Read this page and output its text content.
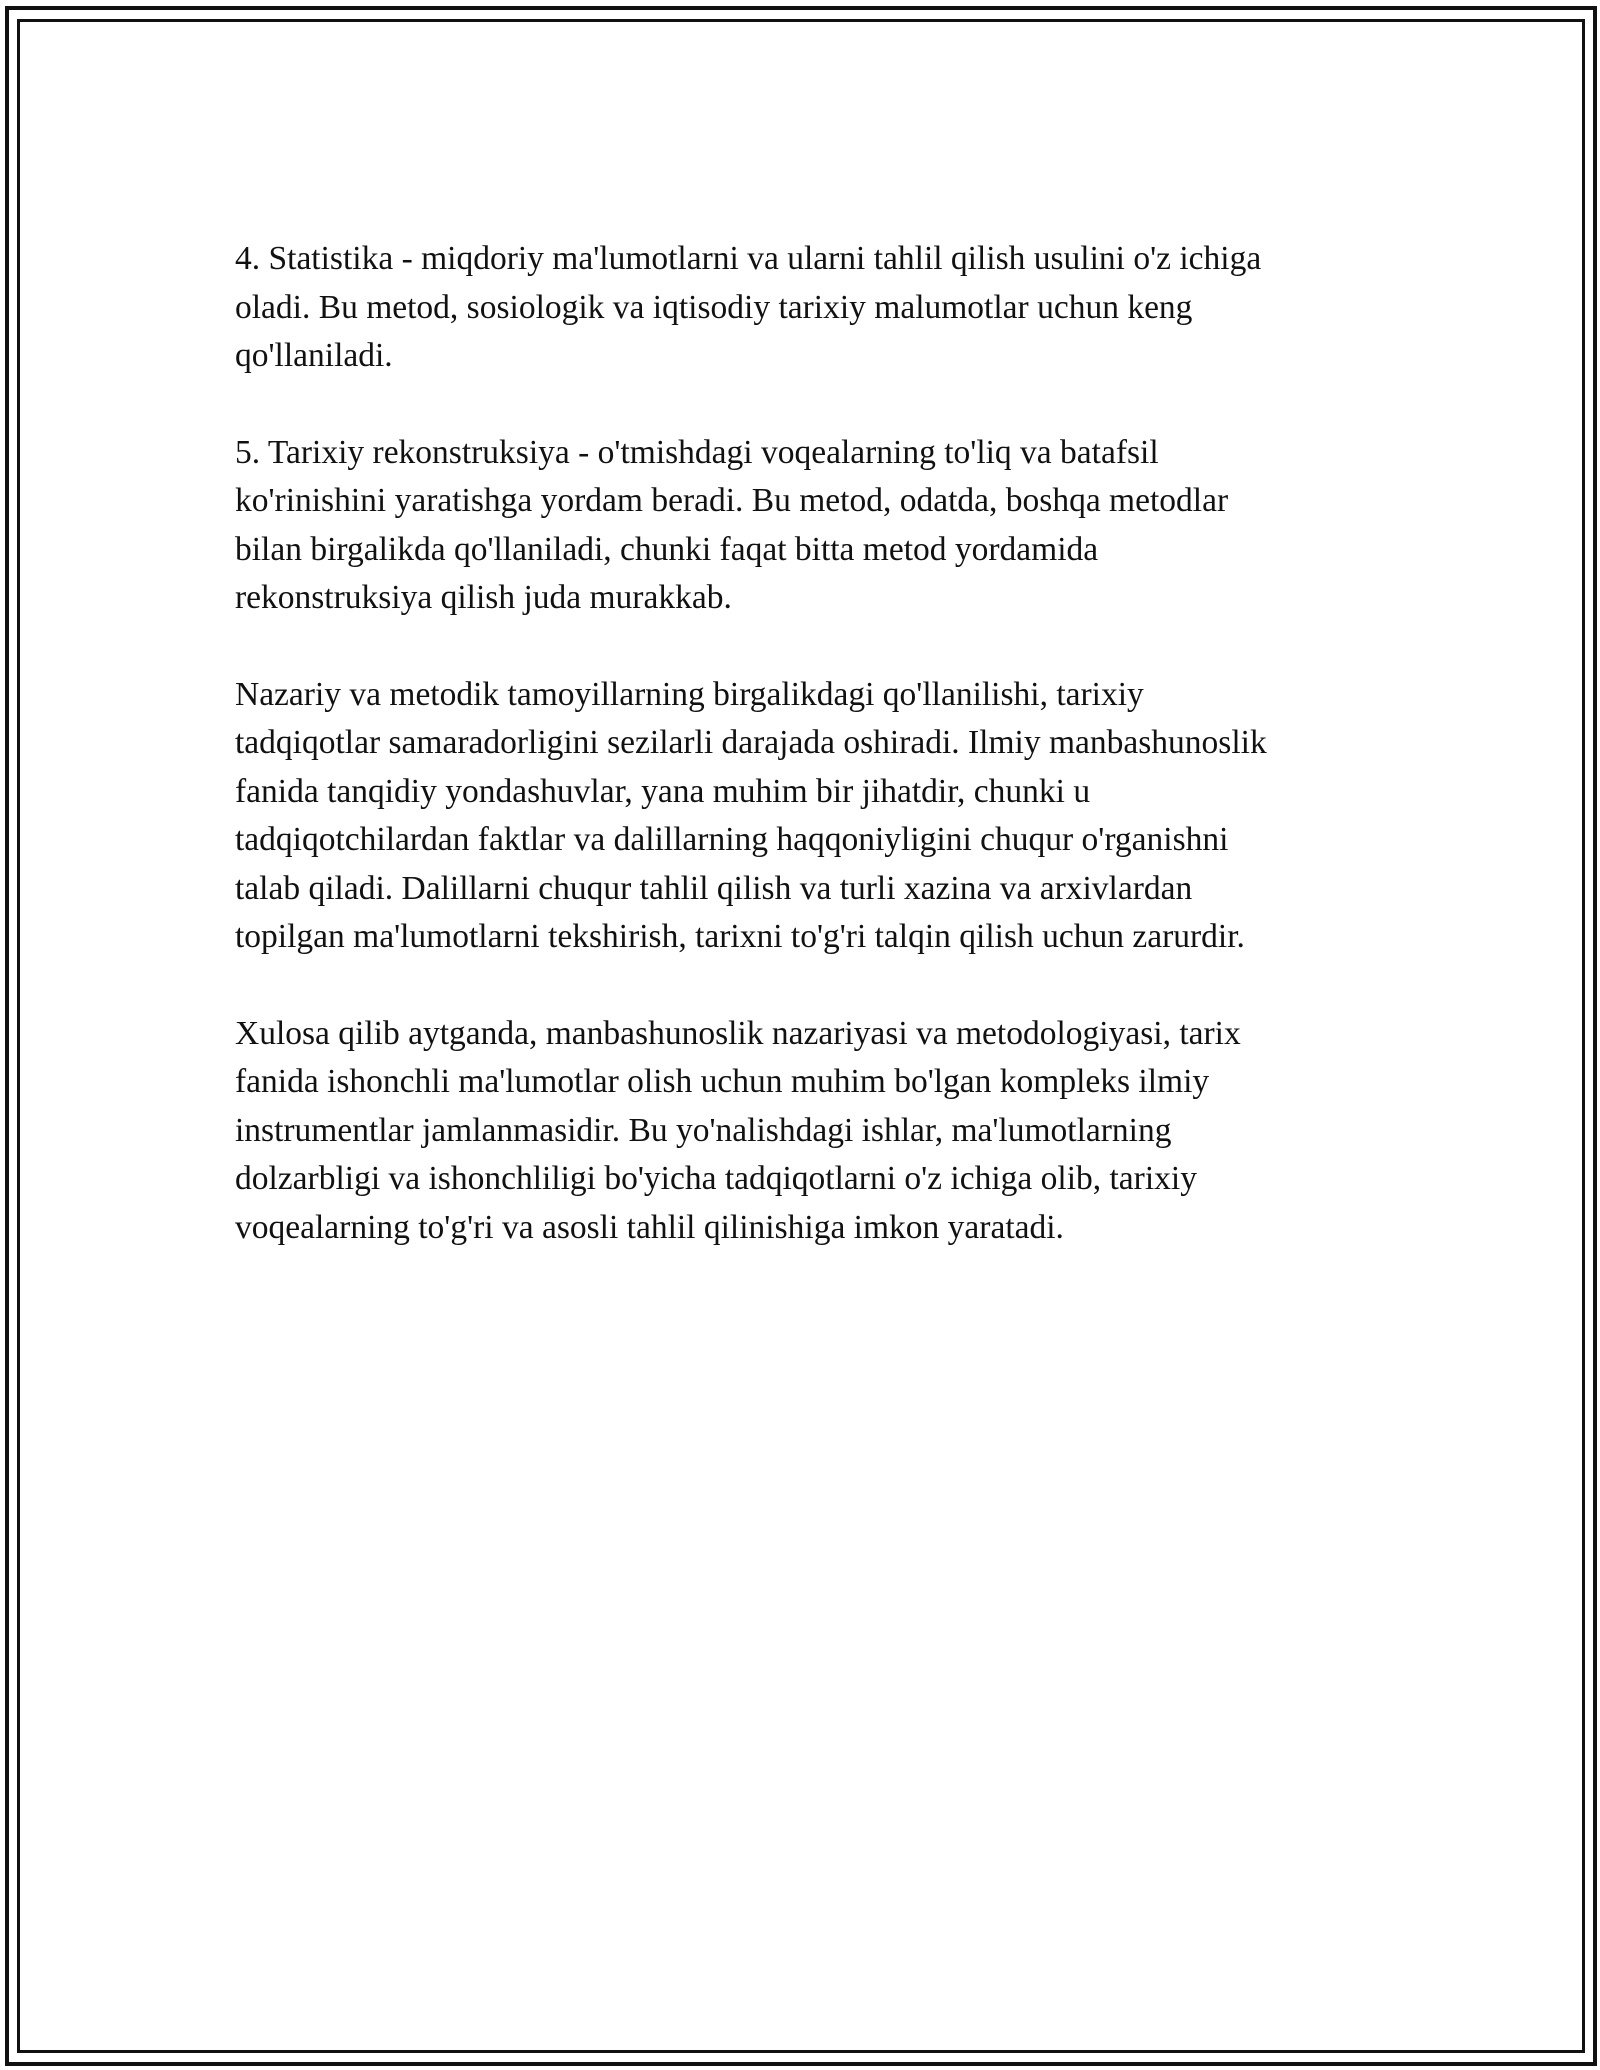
4. Statistika - miqdoriy ma'lumotlarni va ularni tahlil qilish usulini o'z ichiga
oladi. Bu metod, sosiologik va iqtisodiy tarixiy malumotlar uchun keng
qo'llaniladi.

5. Tarixiy rekonstruksiya - o'tmishdagi voqealarning to'liq va batafsil
ko'rinishini yaratishga yordam beradi. Bu metod, odatda, boshqa metodlar
bilan birgalikda qo'llaniladi, chunki faqat bitta metod yordamida
rekonstruksiya qilish juda murakkab.

Nazariy va metodik tamoyillarning birgalikdagi qo'llanilishi, tarixiy
tadqiqotlar samaradorligini sezilarli darajada oshiradi. Ilmiy manbashunoslik
fanida tanqidiy yondashuvlar, yana muhim bir jihatdir, chunki u
tadqiqotchilardan faktlar va dalillarning haqqoniyligini chuqur o'rganishni
talab qiladi. Dalillarni chuqur tahlil qilish va turli xazina va arxivlardan
topilgan ma'lumotlarni tekshirish, tarixni to'g'ri talqin qilish uchun zarurdir.

Xulosa qilib aytganda, manbashunoslik nazariyasi va metodologiyasi, tarix
fanida ishonchli ma'lumotlar olish uchun muhim bo'lgan kompleks ilmiy
instrumentlar jamlanmasidir. Bu yo'nalishdagi ishlar, ma'lumotlarning
dolzarbligi va ishonchliligi bo'yicha tadqiqotlarni o'z ichiga olib, tarixiy
voqealarning to'g'ri va asosli tahlil qilinishiga imkon yaratadi.
